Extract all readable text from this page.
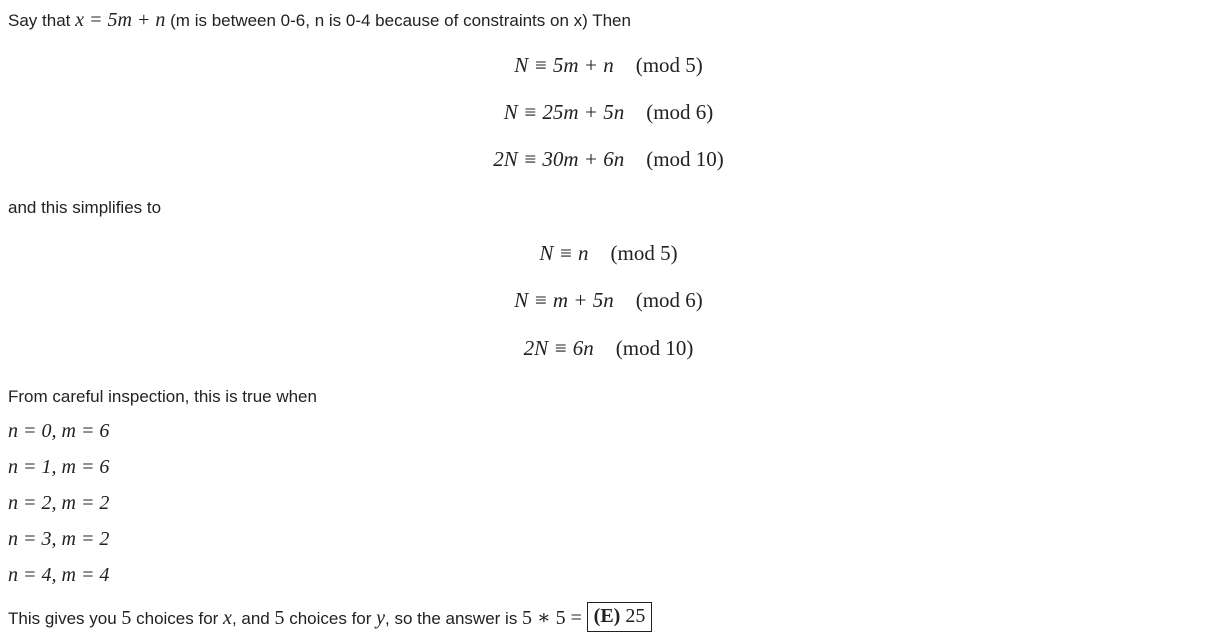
Say that x = 5m + n (m is between 0-6, n is 0-4 because of constraints on x) Then
N ≡ 5m + n (mod 5)
N ≡ 25m + 5n (mod 6)
2N ≡ 30m + 6n (mod 10)
and this simplifies to
N ≡ n (mod 5)
N ≡ m + 5n (mod 6)
2N ≡ 6n (mod 10)
From careful inspection, this is true when
n = 0, m = 6
n = 1, m = 6
n = 2, m = 2
n = 3, m = 2
n = 4, m = 4
This gives you 5 choices for x, and 5 choices for y, so the answer is 5 ∗ 5 = (E) 25
